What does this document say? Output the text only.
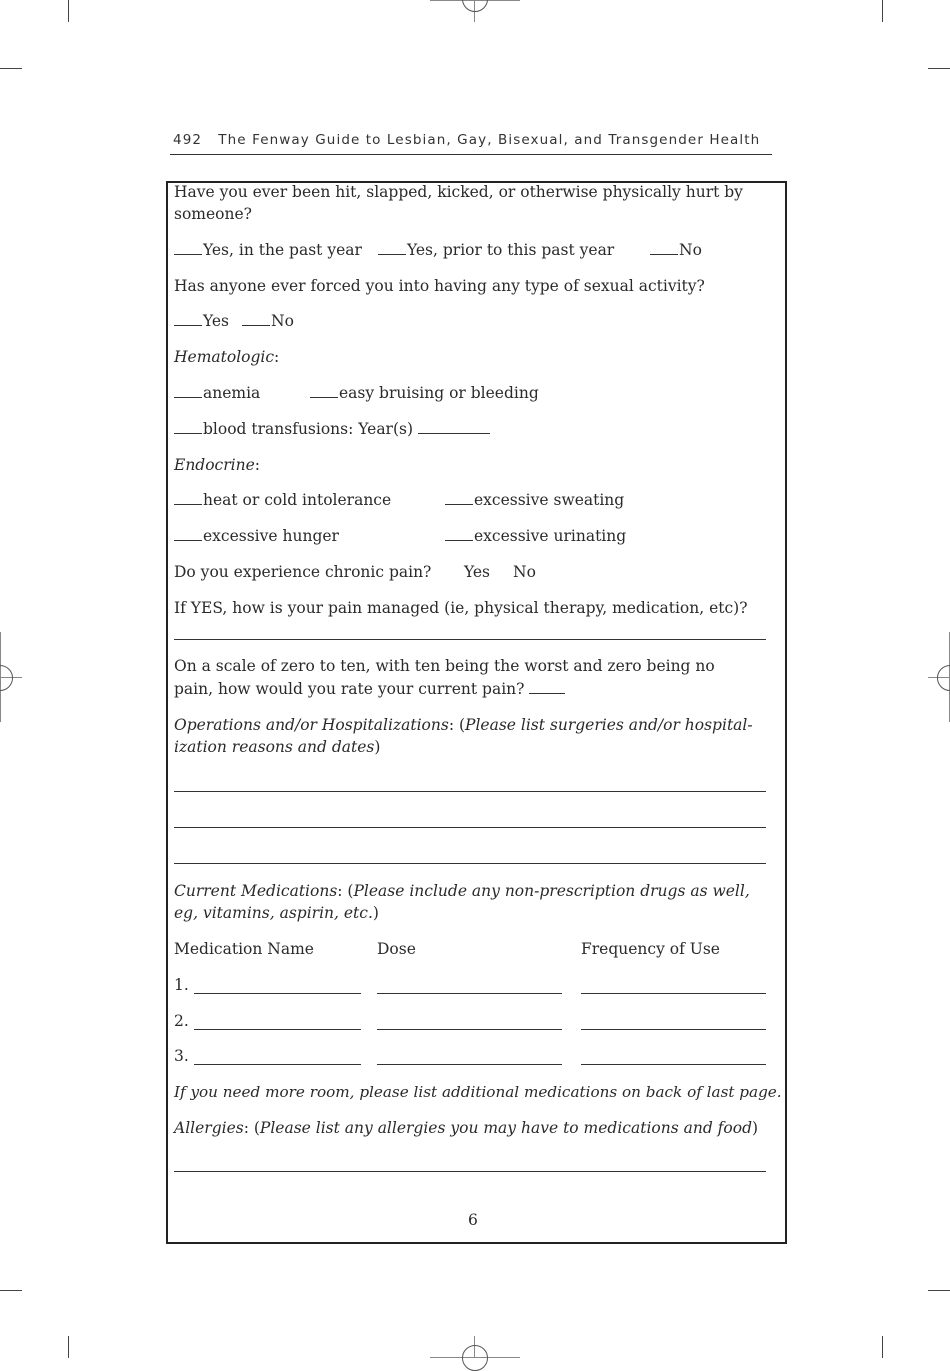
492 The Fenway Guide to Lesbian, Gay, Bisexual, and Transgender Health
Have you ever been hit, slapped, kicked, or otherwise physically hurt by
someone?
Yes, in the past year	Yes, prior to this past year	No
Has anyone ever forced you into having any type of sexual activity?
Yes	No
Hematologic:
anemia	easy bruising or bleeding
blood transfusions: Year(s)
Endocrine:
heat or cold intolerance	excessive sweating
excessive hunger	excessive urinating
Do you experience chronic pain? Yes No
If YES, how is your pain managed (ie, physical therapy, medication, etc)?
On a scale of zero to ten, with ten being the worst and zero being no
pain, how would you rate your current pain?
Operations and/or Hospitalizations: (Please list surgeries and/or hospital-
ization reasons and dates)
Current Medications: (Please include any non-prescription drugs as well,
eg, vitamins, aspirin, etc.)
Medication Name	Dose	Frequency of Use
1.
2.
3.
If you need more room, please list additional medications on back of last page.
Allergies: (Please list any allergies you may have to medications and food)
6
